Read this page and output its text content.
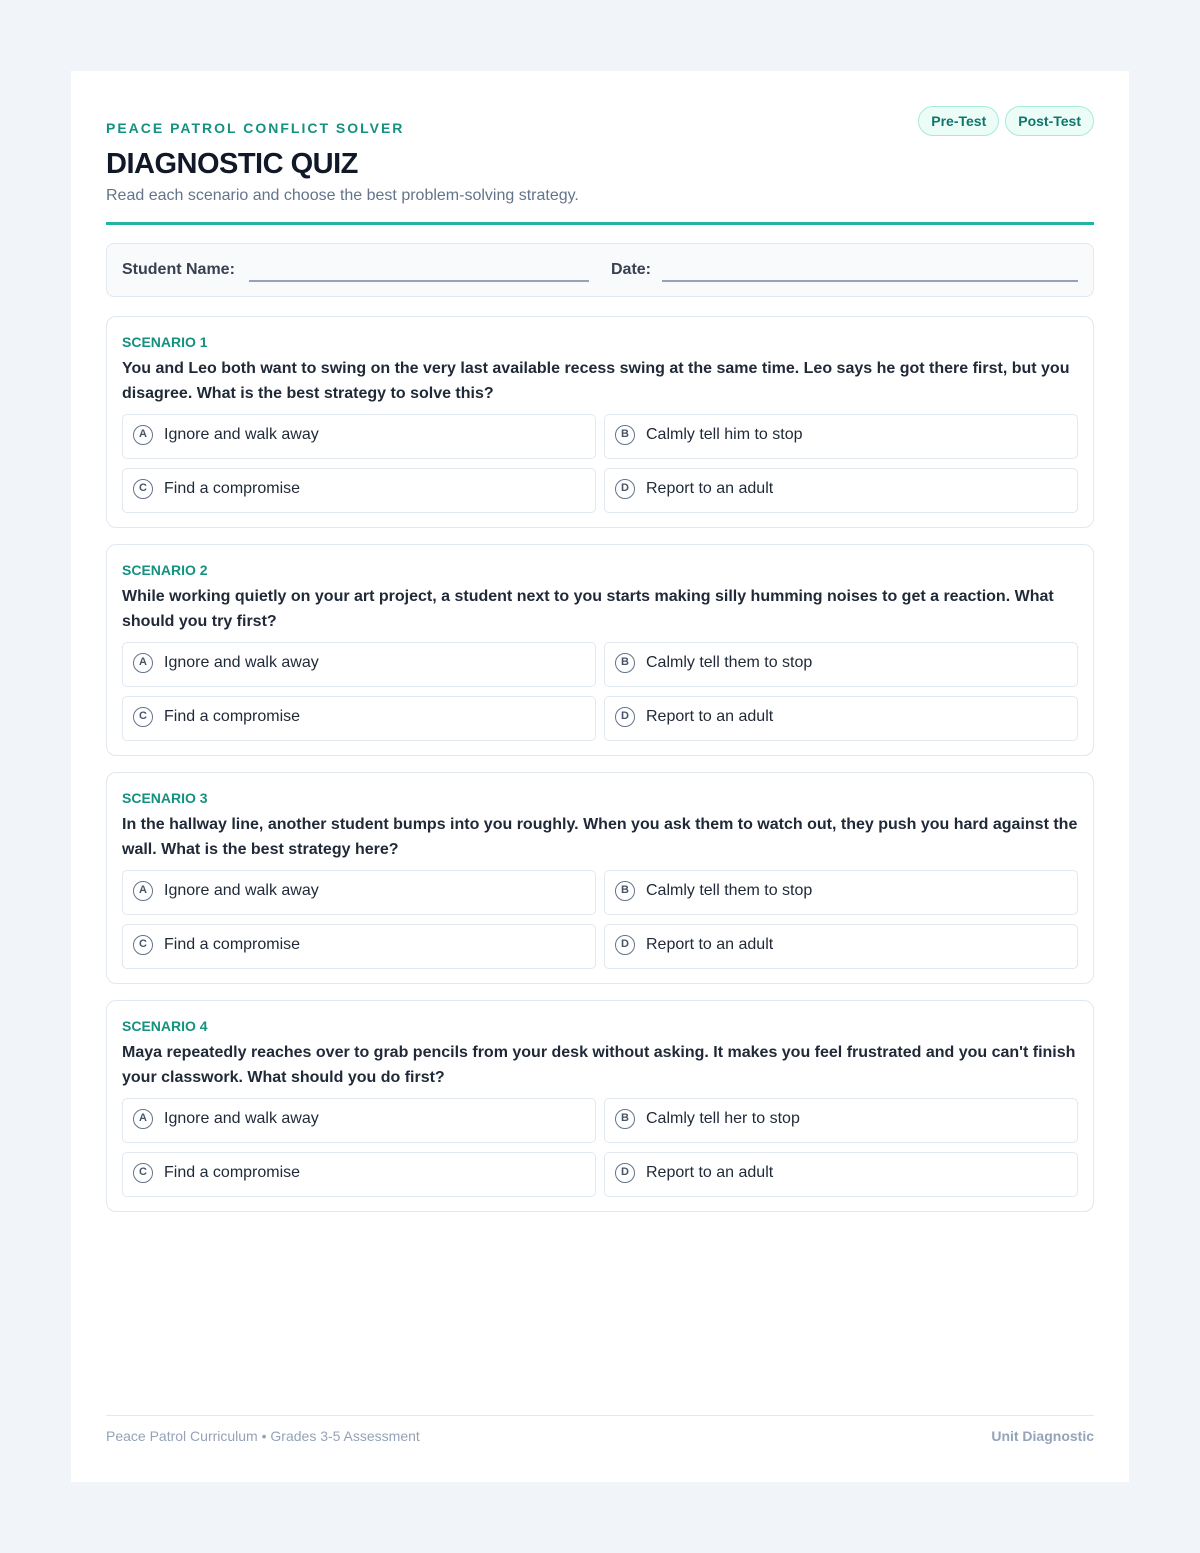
PEACE PATROL CONFLICT SOLVER
DIAGNOSTIC QUIZ
Read each scenario and choose the best problem-solving strategy.
Pre-Test	Post-Test
Student Name:	Date:
SCENARIO 1
You and Leo both want to swing on the very last available recess swing at the same time. Leo says he got there first, but you disagree. What is the best strategy to solve this?
A	Ignore and walk away	B	Calmly tell him to stop
C	Find a compromise	D	Report to an adult
SCENARIO 2
While working quietly on your art project, a student next to you starts making silly humming noises to get a reaction. What should you try first?
A	Ignore and walk away	B	Calmly tell them to stop
C	Find a compromise	D	Report to an adult
SCENARIO 3
In the hallway line, another student bumps into you roughly. When you ask them to watch out, they push you hard against the wall. What is the best strategy here?
A	Ignore and walk away	B	Calmly tell them to stop
C	Find a compromise	D	Report to an adult
SCENARIO 4
Maya repeatedly reaches over to grab pencils from your desk without asking. It makes you feel frustrated and you can't finish your classwork. What should you do first?
A	Ignore and walk away	B	Calmly tell her to stop
C	Find a compromise	D	Report to an adult
Peace Patrol Curriculum • Grades 3-5 Assessment	Unit Diagnostic
